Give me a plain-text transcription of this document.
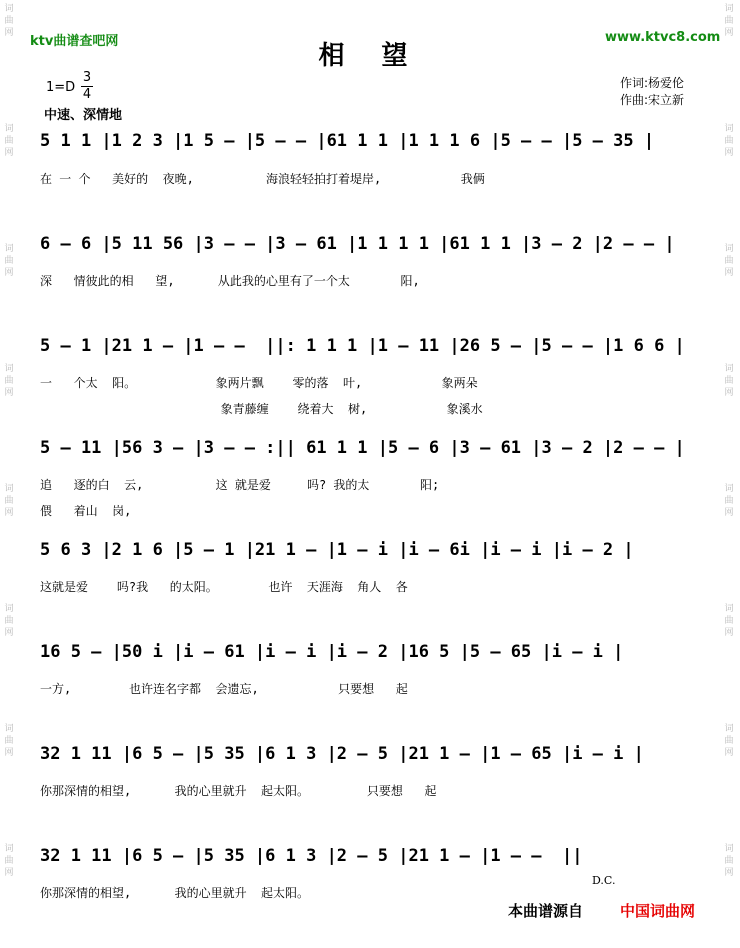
词
曲
网
词
曲
网
词
曲
网
词
曲
网
词
曲
网
词
曲
网
词
曲
网
词
曲
网
词
曲
网
词
曲
网
词
曲
网
词
曲
网
词
曲
网
词
曲
网
词
曲
网
词
曲
网
ktv曲谱查吧网	www.ktvc8.com
相 望
1=D
3
4
中速、深情地
作词:杨爱伦
作曲:宋立新
5 1 1 |1 2 3 |1 5 – |5 – – |61 1 1 |1 1 1 6 |5 – – |5 – 35 |
在 一 个   美好的  夜晚,          海浪轻轻拍打着堤岸,           我俩
6 – 6 |5 11 56 |3 – – |3 – 61 |1 1 1 1 |61 1 1 |3 – 2 |2 – – |
深   情彼此的相   望,      从此我的心里有了一个太       阳,
5 – 1 |21 1 – |1 – –  ||: 1 1 1 |1 – 11 |26 5 – |5 – – |1 6 6 |
一   个太  阳。           象两片飘    零的落  叶,           象两朵
象青藤缠    绕着大  树,           象溪水
5 – 11 |56 3 – |3 – – :|| 61 1 1 |5 – 6 |3 – 61 |3 – 2 |2 – – |
追   逐的白  云,          这 就是爱     吗? 我的太       阳;
偎   着山  岗,
5 6 3 |2 1 6 |5 – 1 |21 1 – |1 – i |i – 6i |i – i |i – 2 |
这就是爱    吗?我   的太阳。       也许  天涯海  角人  各
16 5 – |50 i |i – 61 |i – i |i – 2 |16 5 |5 – 65 |i – i |
一方,        也许连名字都  会遗忘,           只要想   起
32 1 11 |6 5 – |5 35 |6 1 3 |2 – 5 |21 1 – |1 – 65 |i – i |
你那深情的相望,      我的心里就升  起太阳。        只要想   起
32 1 11 |6 5 – |5 35 |6 1 3 |2 – 5 |21 1 – |1 – –  ||
你那深情的相望,      我的心里就升  起太阳。
D.C.
本曲谱源自 中国词曲网
